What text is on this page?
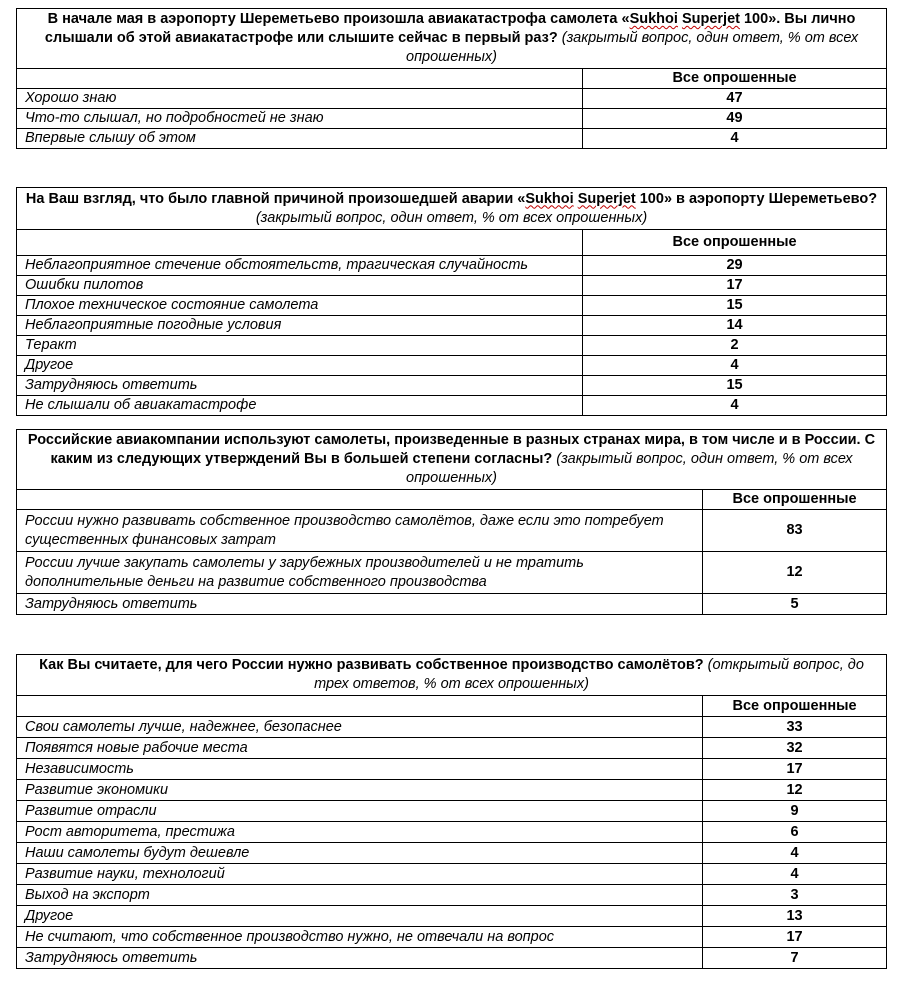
В начале мая в аэропорту Шереметьево произошла авиакатастрофа самолета «Sukhoi Superjet 100». Вы лично слышали об этой авиакатастрофе или слышите сейчас в первый раз? (закрытый вопрос, один ответ, % от всех опрошенных)	
	Все опрошенные
Хорошо знаю	47
Что-то слышал, но подробностей не знаю	49
Впервые слышу об этом	4
На Ваш взгляд, что было главной причиной произошедшей аварии «Sukhoi Superjet 100» в аэропорту Шереметьево? (закрытый вопрос, один ответ, % от всех опрошенных)	
	Все опрошенные
Неблагоприятное стечение обстоятельств, трагическая случайность	29
Ошибки пилотов	17
Плохое техническое состояние самолета	15
Неблагоприятные погодные условия	14
Теракт	2
Другое	4
Затрудняюсь ответить	15
Не слышали об авиакатастрофе	4
Российские авиакомпании используют самолеты, произведенные в разных странах мира, в том числе и в России. С каким из следующих утверждений Вы в большей степени согласны? (закрытый вопрос, один ответ, % от всех опрошенных)	
	Все опрошенные
России нужно развивать собственное производство самолётов, даже если это потребует существенных финансовых затрат	83
России лучше закупать самолеты у зарубежных производителей и не тратить дополнительные деньги на развитие собственного производства	12
Затрудняюсь ответить	5
Как Вы считаете, для чего России нужно развивать собственное производство самолётов? (открытый вопрос, до трех ответов, % от всех опрошенных)	
	Все опрошенные
Свои самолеты лучше, надежнее, безопаснее	33
Появятся новые рабочие места	32
Независимость	17
Развитие экономики	12
Развитие отрасли	9
Рост авторитета, престижа	6
Наши самолеты будут дешевле	4
Развитие науки, технологий	4
Выход на экспорт	3
Другое	13
Не считают, что собственное производство нужно, не отвечали на вопрос	17
Затрудняюсь ответить	7
